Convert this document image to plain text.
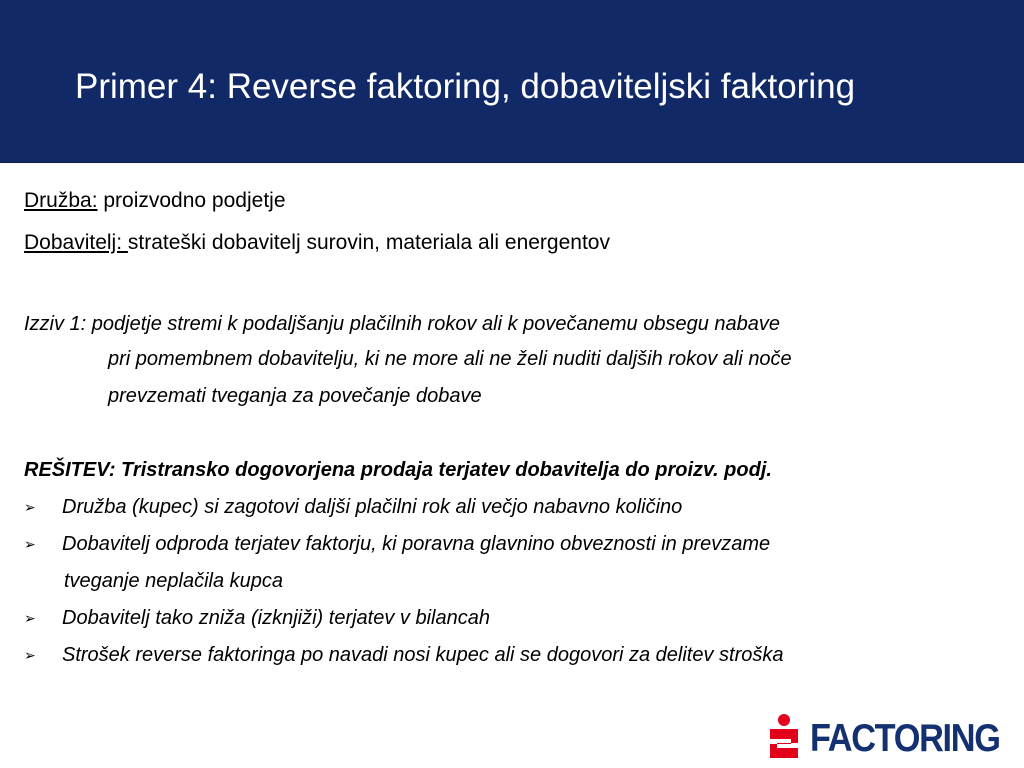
Primer 4: Reverse faktoring, dobaviteljski faktoring
Družba: proizvodno podjetje
Dobavitelj: strateški dobavitelj surovin, materiala ali energentov
Izziv 1: podjetje stremi k podaljšanju plačilnih rokov ali k povečanemu obsegu nabave
pri pomembnem dobavitelju, ki ne more ali ne želi nuditi daljših rokov ali noče
prevzemati tveganja za povečanje dobave
REŠITEV: Tristransko dogovorjena prodaja terjatev dobavitelja do proizv. podj.
➢ Družba (kupec) si zagotovi daljši plačilni rok ali večjo nabavno količino
➢ Dobavitelj odproda terjatev faktorju, ki poravna glavnino obveznosti in prevzame
tveganje neplačila kupca
➢ Dobavitelj tako zniža (izknjiži) terjatev v bilancah
➢ Strošek reverse faktoringa po navadi nosi kupec ali se dogovori za delitev stroška
FACTORING
